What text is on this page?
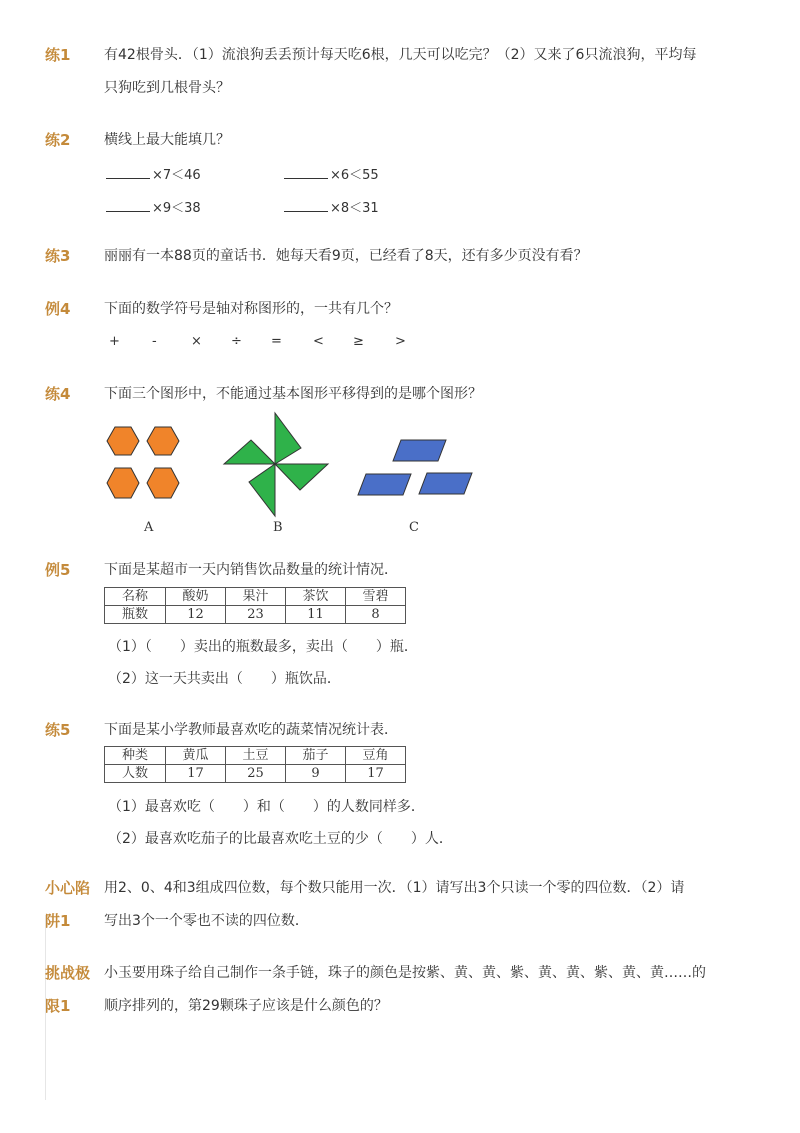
练1 有42根骨头．（1）流浪狗丢丢预计每天吃6根，几天可以吃完？（2）又来了6只流浪狗，平均每
只狗吃到几根骨头？
练2 横线上最大能填几？
×7＜46	×6＜55
×9＜38	×8＜31
练3 丽丽有一本88页的童话书．她每天看9页，已经看了8天，还有多少页没有看？
例4 下面的数学符号是轴对称图形的，一共有几个？
+ -	× ÷ = < ≥ >
练4 下面三个图形中，不能通过基本图形平移得到的是哪个图形？
A	B	C
例5 下面是某超市一天内销售饮品数量的统计情况．
名称	酸奶	果汁	茶饮	雪碧
瓶数	12	23	11	8
（1）（　　）卖出的瓶数最多，卖出（　　）瓶．
（2）这一天共卖出（　　）瓶饮品．
练5 下面是某小学教师最喜欢吃的蔬菜情况统计表．
种类	黄瓜	土豆	茄子	豆角
人数	17	25	9	17
（1）最喜欢吃（　　）和（　　）的人数同样多．
（2）最喜欢吃茄子的比最喜欢吃土豆的少（　　）人．
小心陷
阱1
用2、0、4和3组成四位数，每个数只能用一次．（1）请写出3个只读一个零的四位数．（2）请
写出3个一个零也不读的四位数．
挑战极
限1
小玉要用珠子给自己制作一条手链，珠子的颜色是按紫、黄、黄、紫、黄、黄、紫、黄、黄……的
顺序排列的，第29颗珠子应该是什么颜色的？
